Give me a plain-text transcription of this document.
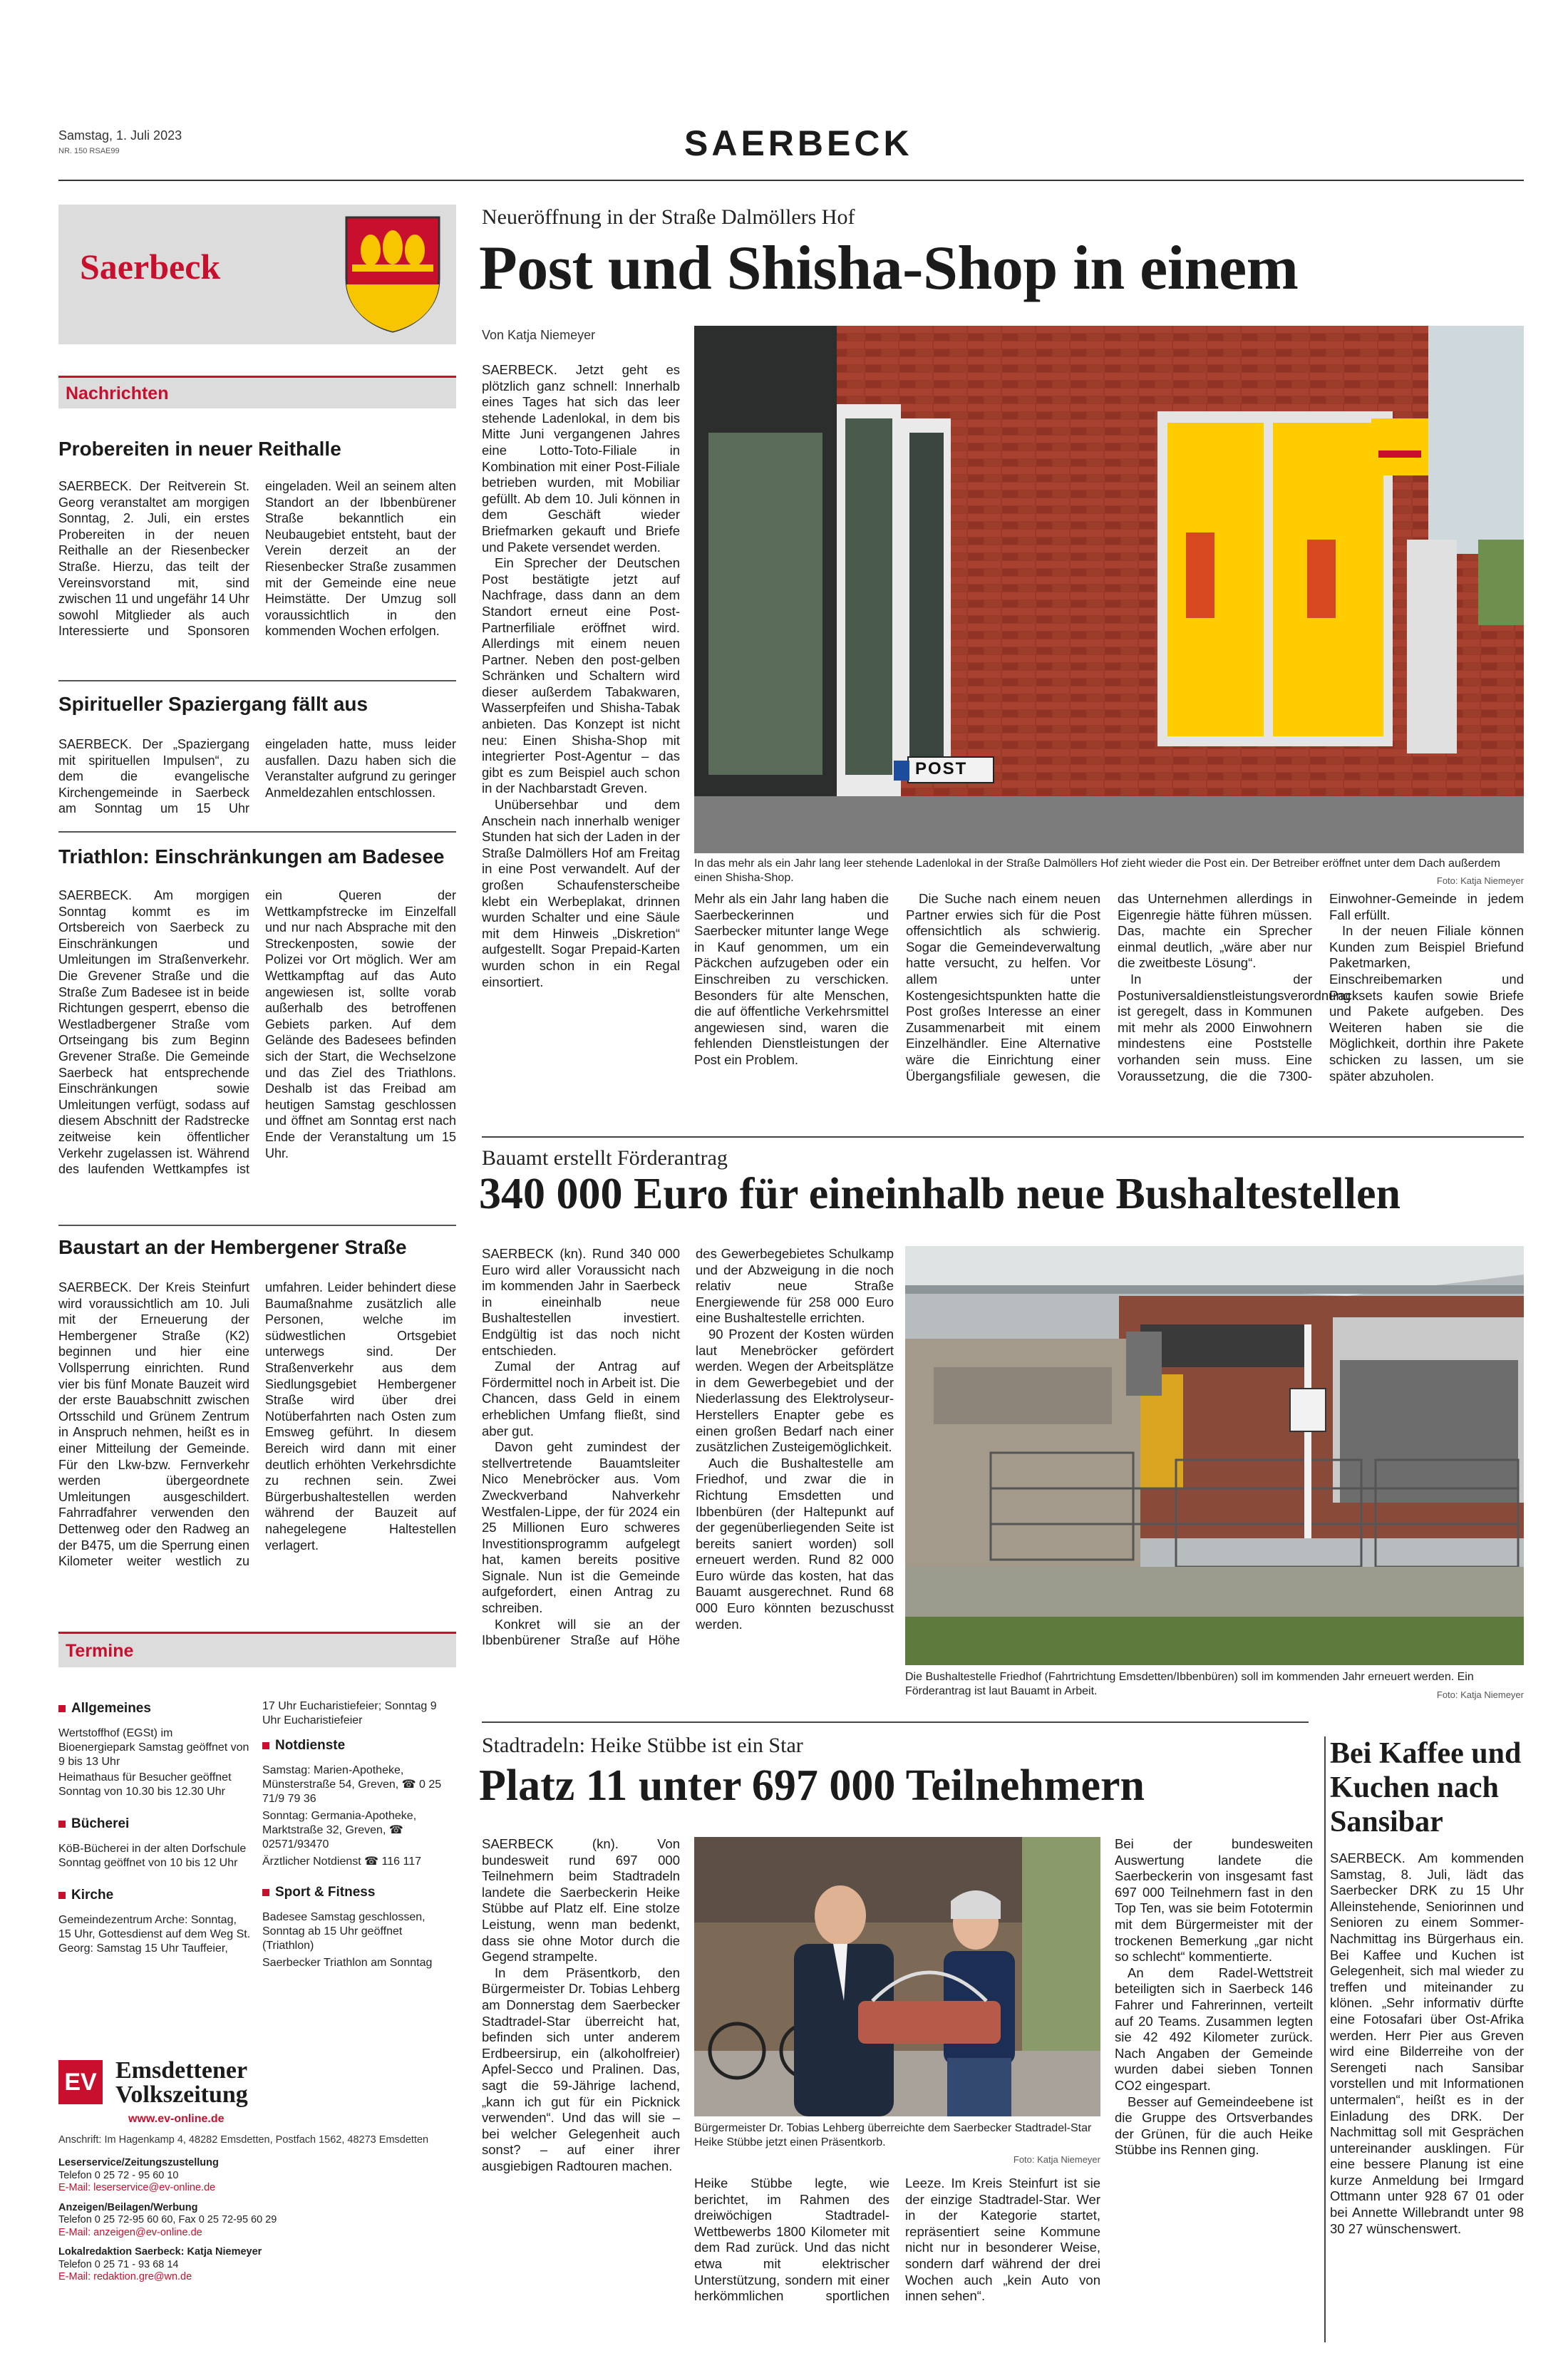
Samstag, 1. Juli 2023
NR. 150 RSAE99	SAERBECK
Saerbeck
Nachrichten
Probereiten in neuer Reithalle
SAERBECK. Der Reitverein St. Georg veranstaltet am morgigen Sonntag, 2. Juli, ein erstes Probereiten in der neuen Reithalle an der Riesenbecker Straße. Hierzu, das teilt der Vereinsvorstand mit, sind zwischen 11 und ungefähr 14 Uhr sowohl Mitglieder als auch Interessierte und Sponsoren eingeladen. Weil an seinem alten Standort an der Ibbenbürener Straße bekanntlich ein Neubaugebiet entsteht, baut der Verein derzeit an der Riesenbecker Straße zusammen mit der Gemeinde eine neue Heimstätte. Der Umzug soll voraussichtlich in den kommenden Wochen erfolgen.
Spiritueller Spaziergang fällt aus
SAERBECK. Der „Spaziergang mit spirituellen Impulsen“, zu dem die evangelische Kirchengemeinde in Saerbeck am Sonntag um 15 Uhr eingeladen hatte, muss leider ausfallen. Dazu haben sich die Veranstalter aufgrund zu geringer Anmeldezahlen entschlossen.
Triathlon: Einschränkungen am Badesee
SAERBECK. Am morgigen Sonntag kommt es im Ortsbereich von Saerbeck zu Einschränkungen und Umleitungen im Straßenverkehr. Die Grevener Straße und die Straße Zum Badesee ist in beide Richtungen gesperrt, ebenso die Westladbergener Straße vom Ortseingang bis zum Beginn Grevener Straße. Die Gemeinde Saerbeck hat entsprechende Einschränkungen sowie Umleitungen verfügt, sodass auf diesem Abschnitt der Radstrecke zeitweise kein öffentlicher Verkehr zugelassen ist. Während des laufenden Wettkampfes ist ein Queren der Wettkampfstrecke im Einzelfall und nur nach Absprache mit den Streckenposten, sowie der Polizei vor Ort möglich. Wer am Wettkampftag auf das Auto angewiesen ist, sollte vorab außerhalb des betroffenen Gebiets parken. Auf dem Gelände des Badesees befinden sich der Start, die Wechselzone und das Ziel des Triathlons. Deshalb ist das Freibad am heutigen Samstag geschlossen und öffnet am Sonntag erst nach Ende der Veranstaltung um 15 Uhr.
Baustart an der Hembergener Straße
SAERBECK. Der Kreis Steinfurt wird voraussichtlich am 10. Juli mit der Erneuerung der Hembergener Straße (K2) beginnen und hier eine Vollsperrung einrichten. Rund vier bis fünf Monate Bauzeit wird der erste Bauabschnitt zwischen Ortsschild und Grünem Zentrum in Anspruch nehmen, heißt es in einer Mitteilung der Gemeinde. Für den Lkw-bzw. Fernverkehr werden übergeordnete Umleitungen ausgeschildert. Fahrradfahrer verwenden den Dettenweg oder den Radweg an der B475, um die Sperrung einen Kilometer weiter westlich zu umfahren. Leider behindert diese Baumaßnahme zusätzlich alle Personen, welche im südwestlichen Ortsgebiet unterwegs sind. Der Straßenverkehr aus dem Siedlungsgebiet Hembergener Straße wird über drei Notüberfahrten nach Osten zum Emsweg geführt. In diesem Bereich wird dann mit einer deutlich erhöhten Verkehrsdichte zu rechnen sein. Zwei Bürgerbushaltestellen werden während der Bauzeit auf nahegelegene Haltestellen verlagert.
Termine
Allgemeines
Wertstoffhof (EGSt) im Bioenergiepark Samstag geöffnet von 9 bis 13 Uhr
Heimathaus für Besucher geöffnet Sonntag von 10.30 bis 12.30 Uhr
Bücherei
KöB-Bücherei in der alten Dorfschule Sonntag geöffnet von 10 bis 12 Uhr
Kirche
Gemeindezentrum Arche: Sonntag, 15 Uhr, Gottesdienst auf dem Weg St. Georg: Samstag 15 Uhr Tauffeier,
17 Uhr Eucharistiefeier; Sonntag 9 Uhr Eucharistiefeier
Notdienste
Samstag: Marien-Apotheke, Münsterstraße 54, Greven, ☎ 0 25 71/9 79 36
Sonntag: Germania-Apotheke, Marktstraße 32, Greven, ☎ 02571/93470
Ärztlicher Notdienst ☎ 116 117
Sport & Fitness
Badesee Samstag geschlossen, Sonntag ab 15 Uhr geöffnet (Triathlon)
Saerbecker Triathlon am Sonntag
EV Emsdettener
Volkszeitung
www.ev-online.de
Anschrift: Im Hagenkamp 4, 48282 Emsdetten, Postfach 1562, 48273 Emsdetten
Leserservice/Zeitungszustellung
Telefon 0 25 72 - 95 60 10
E-Mail: leserservice@ev-online.de
Anzeigen/Beilagen/Werbung
Telefon 0 25 72-95 60 60, Fax 0 25 72-95 60 29
E-Mail: anzeigen@ev-online.de
Lokalredaktion Saerbeck: Katja Niemeyer
Telefon 0 25 71 - 93 68 14
E-Mail: redaktion.gre@wn.de
Neueröffnung in der Straße Dalmöllers Hof
Post und Shisha-Shop in einem
Von Katja Niemeyer

SAERBECK. Jetzt geht es plötzlich ganz schnell: Innerhalb eines Tages hat sich das leer stehende Ladenlokal, in dem bis Mitte Juni vergangenen Jahres eine Lotto-Toto-Filiale in Kombination mit einer Post-Filiale betrieben wurden, mit Mobiliar gefüllt. Ab dem 10. Juli können in dem Geschäft wieder Briefmarken gekauft und Briefe und Pakete versendet werden.

Ein Sprecher der Deutschen Post bestätigte jetzt auf Nachfrage, dass dann an dem Standort erneut eine Post-Partnerfiliale eröffnet wird. Allerdings mit einem neuen Partner. Neben den post-gelben Schränken und Schaltern wird dieser außerdem Tabakwaren, Wasserpfeifen und Shisha-Tabak anbieten. Das Konzept ist nicht neu: Einen Shisha-Shop mit integrierter Post-Agentur – das gibt es zum Beispiel auch schon in der Nachbarstadt Greven.

Unübersehbar und dem Anschein nach innerhalb weniger Stunden hat sich der Laden in der Straße Dalmöllers Hof am Freitag in eine Post verwandelt. Auf der großen Schaufensterscheibe klebt ein Werbeplakat, drinnen wurden Schalter und eine Säule mit dem Hinweis „Diskretion“ aufgestellt. Sogar Prepaid-Karten wurden schon in ein Regal einsortiert.

POST
In das mehr als ein Jahr lang leer stehende Ladenlokal in der Straße Dalmöllers Hof zieht wieder die Post ein. Der Betreiber eröffnet unter dem Dach außerdem einen Shisha-Shop.	Foto: Katja Niemeyer

Mehr als ein Jahr lang haben die Saerbeckerinnen und Saerbecker mitunter lange Wege in Kauf genommen, um ein Päckchen aufzugeben oder ein Einschreiben zu verschicken. Besonders für alte Menschen, die auf öffentliche Verkehrsmittel angewiesen sind, waren die fehlenden Dienstleistungen der Post ein Problem.

Die Suche nach einem neuen Partner erwies sich für die Post offensichtlich als schwierig. Sogar die Gemeindeverwaltung hatte versucht, zu helfen. Vor allem unter Kostengesichtspunkten hatte die Post großes Interesse an einer Zusammenarbeit mit einem Einzelhändler. Eine Alternative wäre die Einrichtung einer Übergangsfiliale gewesen, die das Unternehmen allerdings in Eigenregie hätte führen müssen. Das, machte ein Sprecher einmal deutlich, „wäre aber nur die zweitbeste Lösung“.

In der Postuniversaldienstleistungsverordnung ist geregelt, dass in Kommunen mit mehr als 2000 Einwohnern mindestens eine Poststelle vorhanden sein muss. Eine Voraussetzung, die die 7300-Einwohner-Gemeinde in jedem Fall erfüllt.

In der neuen Filiale können Kunden zum Beispiel Briefund Paketmarken, Einschreibemarken und Packsets kaufen sowie Briefe und Pakete aufgeben. Des Weiteren haben sie die Möglichkeit, dorthin ihre Pakete schicken zu lassen, um sie später abzuholen.

Bauamt erstellt Förderantrag
340 000 Euro für eineinhalb neue Bushaltestellen

SAERBECK (kn). Rund 340 000 Euro wird aller Voraussicht nach im kommenden Jahr in Saerbeck in eineinhalb neue Bushaltestellen investiert. Endgültig ist das noch nicht entschieden.

Zumal der Antrag auf Fördermittel noch in Arbeit ist. Die Chancen, dass Geld in einem erheblichen Umfang fließt, sind aber gut.

Davon geht zumindest der stellvertretende Bauamtsleiter Nico Menebröcker aus. Vom Zweckverband Nahverkehr Westfalen-Lippe, der für 2024 ein 25 Millionen Euro schweres Investitionsprogramm aufgelegt hat, kamen bereits positive Signale. Nun ist die Gemeinde aufgefordert, einen Antrag zu schreiben.

Konkret will sie an der Ibbenbürener Straße auf Höhe des Gewerbegebietes Schulkamp und der Abzweigung in die noch relativ neue Straße Energiewende für 258 000 Euro eine Bushaltestelle errichten.

90 Prozent der Kosten würden laut Menebröcker gefördert werden. Wegen der Arbeitsplätze in dem Gewerbegebiet und der Niederlassung des Elektrolyseur-Herstellers Enapter gebe es einen großen Bedarf nach einer zusätzlichen Zusteigemöglichkeit.

Auch die Bushaltestelle am Friedhof, und zwar die in Richtung Emsdetten und Ibbenbüren (der Haltepunkt auf der gegenüberliegenden Seite ist bereits saniert worden) soll erneuert werden. Rund 82 000 Euro würde das kosten, hat das Bauamt ausgerechnet. Rund 68 000 Euro könnten bezuschusst werden.

Die Bushaltestelle Friedhof (Fahrtrichtung Emsdetten/Ibbenbüren) soll im kommenden Jahr erneuert werden. Ein Förderantrag ist laut Bauamt in Arbeit.	Foto: Katja Niemeyer
Stadtradeln: Heike Stübbe ist ein Star
Platz 11 unter 697 000 Teilnehmern
Bürgermeister Dr. Tobias Lehberg überreichte dem Saerbecker Stadtradel-Star Heike Stübbe jetzt einen Präsentkorb.
Foto: Katja Niemeyer

SAERBECK (kn). Von bundesweit rund 697 000 Teilnehmern beim Stadtradeln landete die Saerbeckerin Heike Stübbe auf Platz elf. Eine stolze Leistung, wenn man bedenkt, dass sie ohne Motor durch die Gegend strampelte.

In dem Präsentkorb, den Bürgermeister Dr. Tobias Lehberg am Donnerstag dem Saerbecker Stadtradel-Star überreicht hat, befinden sich unter anderem Erdbeersirup, ein (alkoholfreier) Apfel-Secco und Pralinen. Das, sagt die 59-Jährige lachend, „kann ich gut für ein Picknick verwenden“. Und das will sie – bei welcher Gelegenheit auch sonst? – auf einer ihrer ausgiebigen Radtouren machen.

Heike Stübbe legte, wie berichtet, im Rahmen des dreiwöchigen Stadtradel-Wettbewerbs 1800 Kilometer mit dem Rad zurück. Und das nicht etwa mit elektrischer Unterstützung, sondern mit einer herkömmlichen sportlichen Leeze. Im Kreis Steinfurt ist sie der einzige Stadtradel-Star. Wer in der Kategorie startet, repräsentiert seine Kommune nicht nur in besonderer Weise, sondern darf während der drei Wochen auch „kein Auto von innen sehen“.

Bei der bundesweiten Auswertung landete die Saerbeckerin von insgesamt fast 697 000 Teilnehmern fast in den Top Ten, was sie beim Fototermin mit dem Bürgermeister mit der trockenen Bemerkung „gar nicht so schlecht“ kommentierte.

An dem Radel-Wettstreit beteiligten sich in Saerbeck 146 Fahrer und Fahrerinnen, verteilt auf 20 Teams. Zusammen legten sie 42 492 Kilometer zurück. Nach Angaben der Gemeinde wurden dabei sieben Tonnen CO2 eingespart.

Besser auf Gemeindeebene ist die Gruppe des Ortsverbandes der Grünen, für die auch Heike Stübbe ins Rennen ging.

Bei Kaffee und Kuchen nach Sansibar

SAERBECK. Am kommenden Samstag, 8. Juli, lädt das Saerbecker DRK zu 15 Uhr Alleinstehende, Seniorinnen und Senioren zu einem Sommer-Nachmittag ins Bürgerhaus ein. Bei Kaffee und Kuchen ist Gelegenheit, sich mal wieder zu treffen und miteinander zu klönen. „Sehr informativ dürfte eine Fotosafari über Ost-Afrika werden. Herr Pier aus Greven wird eine Bilderreihe von der Serengeti nach Sansibar vorstellen und mit Informationen untermalen“, heißt es in der Einladung des DRK. Der Nachmittag soll mit Gesprächen untereinander ausklingen. Für eine bessere Planung ist eine kurze Anmeldung bei Irmgard Ottmann unter 928 67 01 oder bei Annette Willebrandt unter 98 30 27 wünschenswert.
